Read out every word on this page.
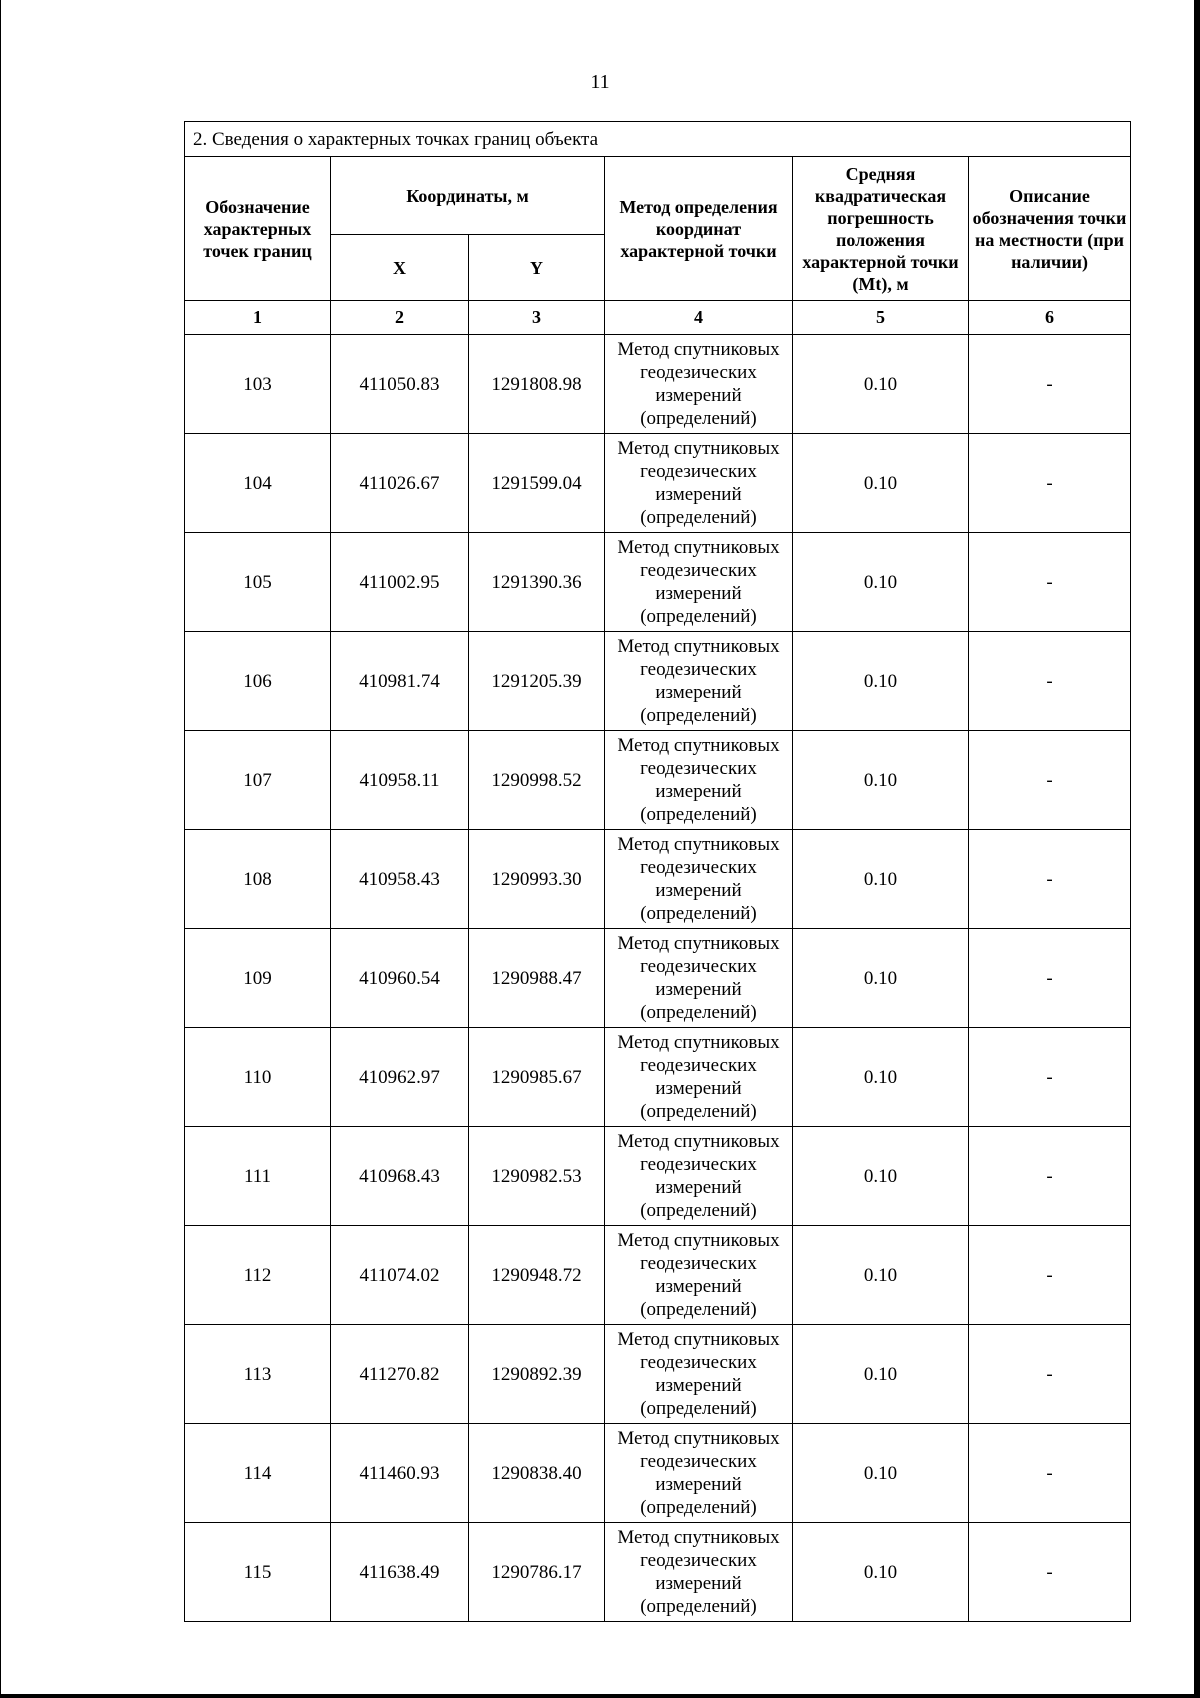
11
2. Сведения о характерных точках границ объекта					
Обозначение характерных точек границ	Координаты, м		Метод определения координат характерной точки	Средняя квадратическая погрешность положения характерной точки (Mt), м	Описание обозначения точки на местности (при наличии)
	X	Y			
1	2	3	4	5	6
103	411050.83	1291808.98	Метод спутниковых геодезических измерений (определений)	0.10	-
104	411026.67	1291599.04	Метод спутниковых геодезических измерений (определений)	0.10	-
105	411002.95	1291390.36	Метод спутниковых геодезических измерений (определений)	0.10	-
106	410981.74	1291205.39	Метод спутниковых геодезических измерений (определений)	0.10	-
107	410958.11	1290998.52	Метод спутниковых геодезических измерений (определений)	0.10	-
108	410958.43	1290993.30	Метод спутниковых геодезических измерений (определений)	0.10	-
109	410960.54	1290988.47	Метод спутниковых геодезических измерений (определений)	0.10	-
110	410962.97	1290985.67	Метод спутниковых геодезических измерений (определений)	0.10	-
111	410968.43	1290982.53	Метод спутниковых геодезических измерений (определений)	0.10	-
112	411074.02	1290948.72	Метод спутниковых геодезических измерений (определений)	0.10	-
113	411270.82	1290892.39	Метод спутниковых геодезических измерений (определений)	0.10	-
114	411460.93	1290838.40	Метод спутниковых геодезических измерений (определений)	0.10	-
115	411638.49	1290786.17	Метод спутниковых геодезических измерений (определений)	0.10	-
